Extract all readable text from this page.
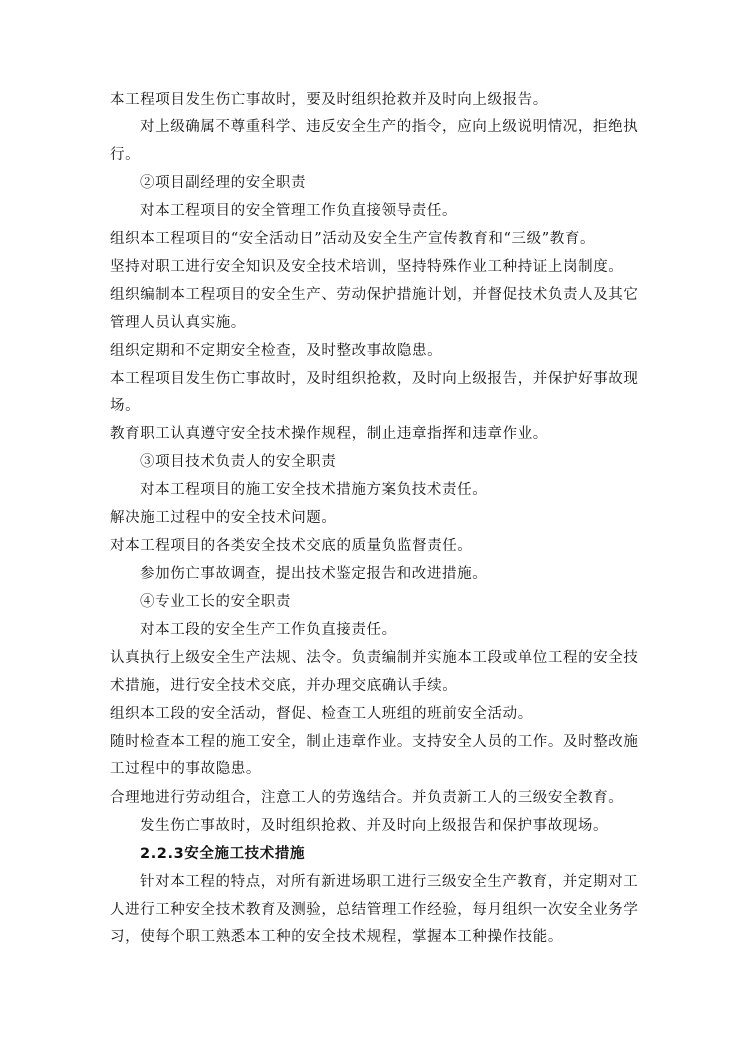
本工程项目发生伤亡事故时，要及时组织抢救并及时向上级报告。
对上级确属不尊重科学、违反安全生产的指令，应向上级说明情况，拒绝执
行。
②项目副经理的安全职责
对本工程项目的安全管理工作负直接领导责任。
组织本工程项目的“安全活动日”活动及安全生产宣传教育和“三级”教育。
坚持对职工进行安全知识及安全技术培训，坚持特殊作业工种持证上岗制度。
组织编制本工程项目的安全生产、劳动保护措施计划，并督促技术负责人及其它
管理人员认真实施。
组织定期和不定期安全检查，及时整改事故隐患。
本工程项目发生伤亡事故时，及时组织抢救，及时向上级报告，并保护好事故现
场。
教育职工认真遵守安全技术操作规程，制止违章指挥和违章作业。
③项目技术负责人的安全职责
对本工程项目的施工安全技术措施方案负技术责任。
解决施工过程中的安全技术问题。
对本工程项目的各类安全技术交底的质量负监督责任。
参加伤亡事故调查，提出技术鉴定报告和改进措施。
④专业工长的安全职责
对本工段的安全生产工作负直接责任。
认真执行上级安全生产法规、法令。负责编制并实施本工段或单位工程的安全技
术措施，进行安全技术交底，并办理交底确认手续。
组织本工段的安全活动，督促、检查工人班组的班前安全活动。
随时检查本工程的施工安全，制止违章作业。支持安全人员的工作。及时整改施
工过程中的事故隐患。
合理地进行劳动组合，注意工人的劳逸结合。并负责新工人的三级安全教育。
发生伤亡事故时，及时组织抢救、并及时向上级报告和保护事故现场。
2.2.3安全施工技术措施
针对本工程的特点，对所有新进场职工进行三级安全生产教育，并定期对工
人进行工种安全技术教育及测验，总结管理工作经验，每月组织一次安全业务学
习，使每个职工熟悉本工种的安全技术规程，掌握本工种操作技能。
